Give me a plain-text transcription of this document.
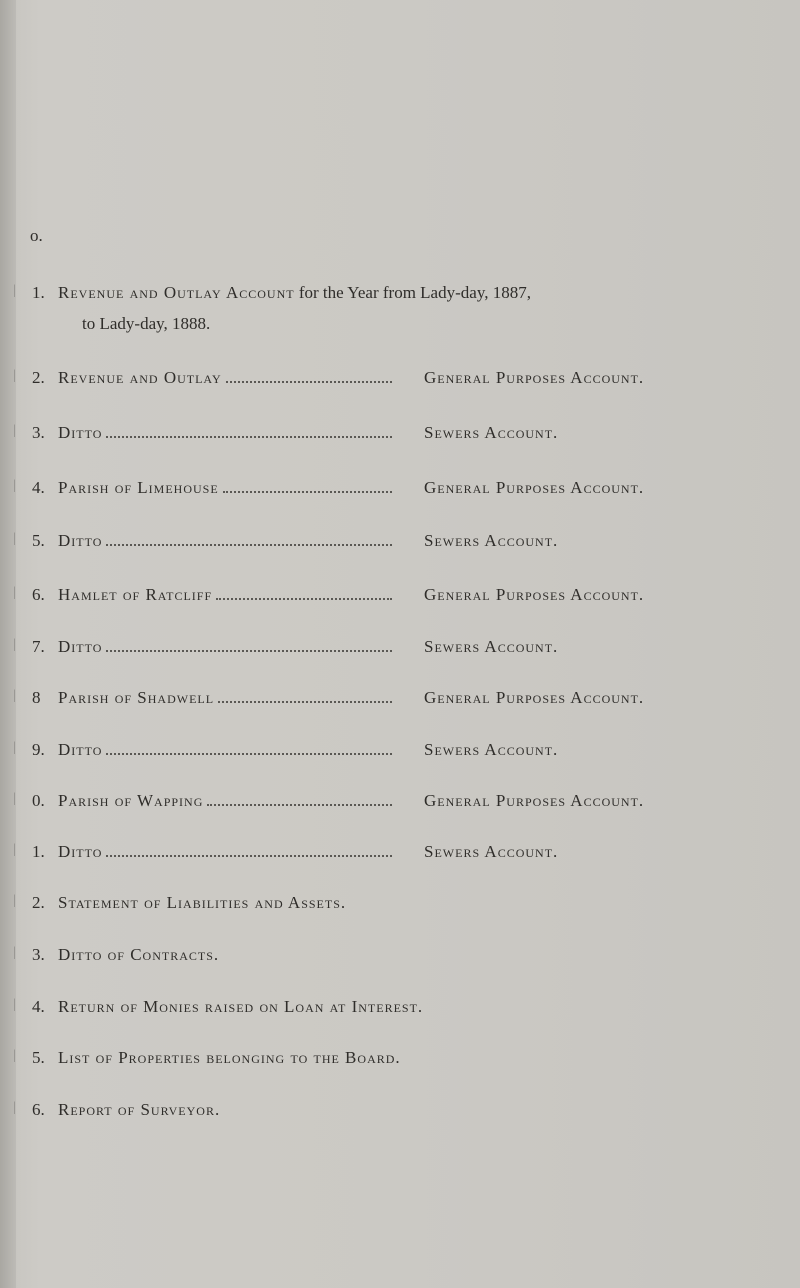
o.
| 1. Revenue and Outlay Account for the Year from Lady-day, 1887,
to Lady-day, 1888.
| 2. Revenue and Outlay	General Purposes Account.
| 3. Ditto	Sewers Account.
| 4. Parish of Limehouse	General Purposes Account.
| 5. Ditto	Sewers Account.
| 6. Hamlet of Ratcliff	General Purposes Account.
| 7. Ditto	Sewers Account.
| 8 Parish of Shadwell	General Purposes Account.
| 9. Ditto	Sewers Account.
| 0. Parish of Wapping	General Purposes Account.
| 1. Ditto	Sewers Account.
| 2. Statement of Liabilities and Assets.
| 3. Ditto of Contracts.
| 4. Return of Monies raised on Loan at Interest.
| 5. List of Properties belonging to the Board.
| 6. Report of Surveyor.
